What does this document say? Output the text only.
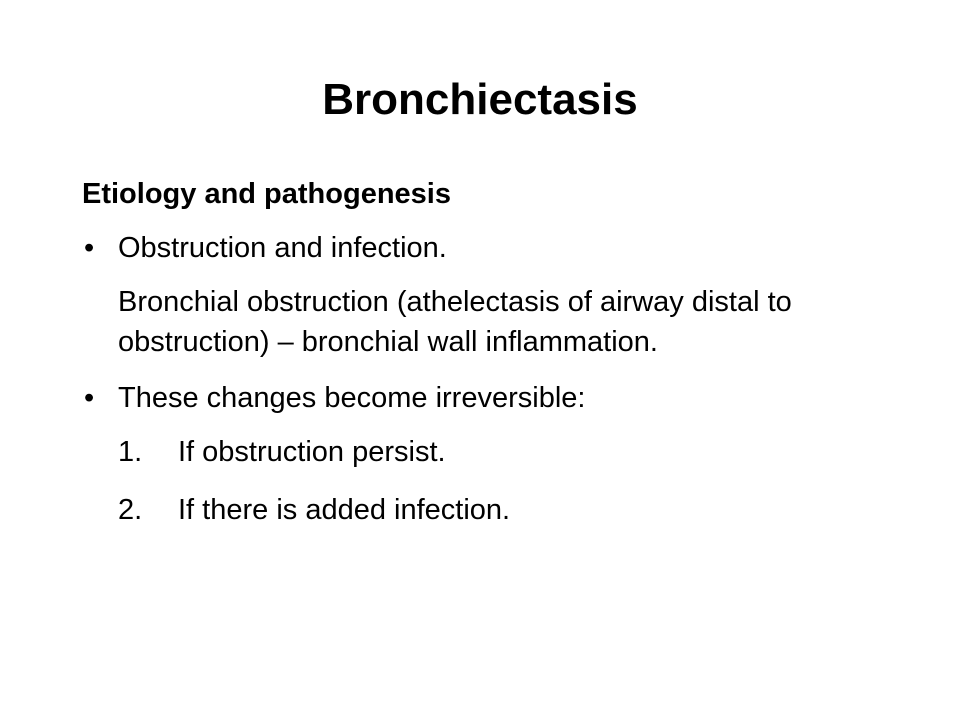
Bronchiectasis
Etiology and pathogenesis
• Obstruction and infection.
Bronchial obstruction (athelectasis of airway distal to obstruction) – bronchial wall inflammation.
• These changes become irreversible:
1.	If obstruction persist.
2.	If there is added infection.
